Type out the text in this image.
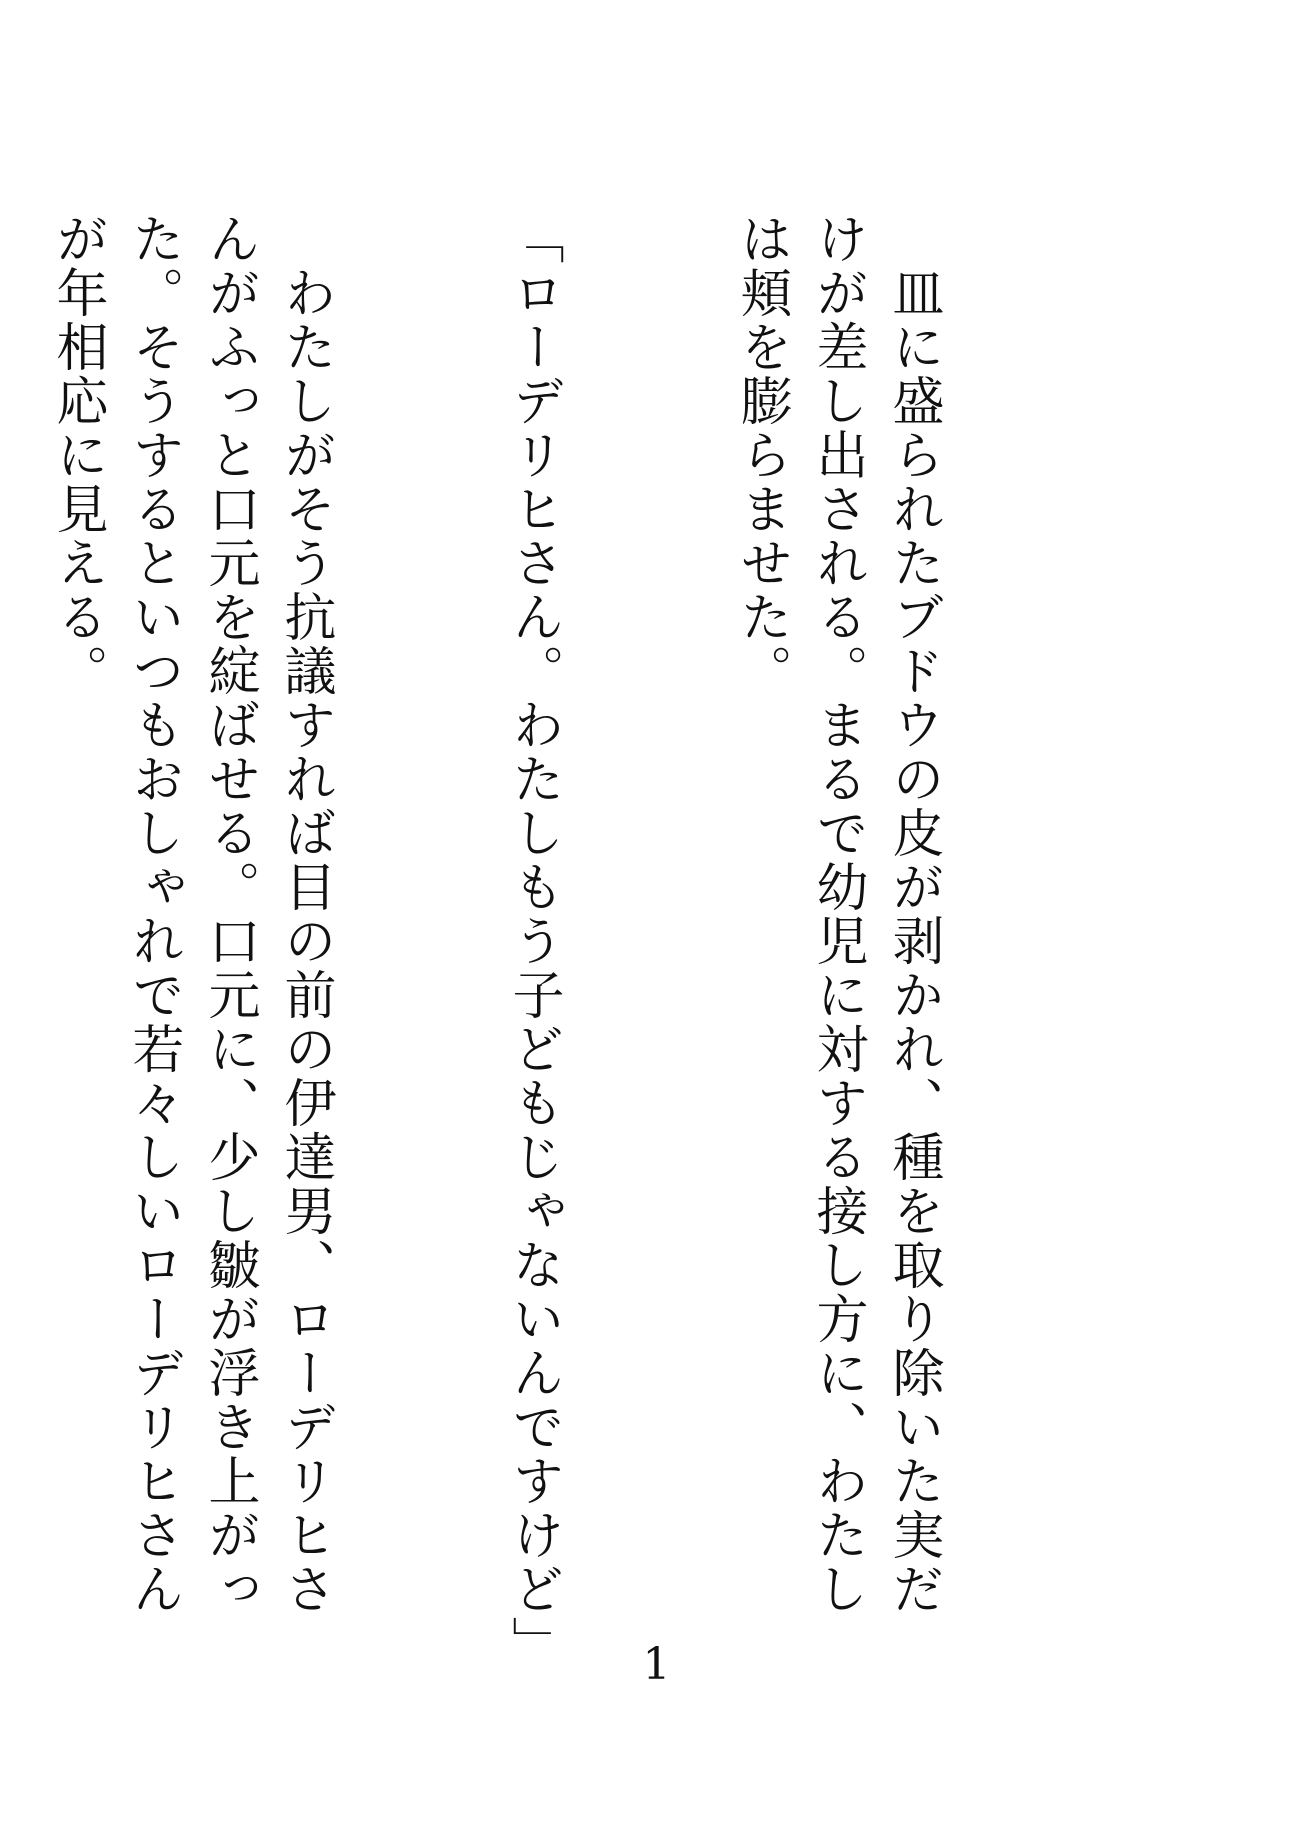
　皿に盛られたブドウの皮が剥かれ、種を取り除いた実だけが差し出される。まるで幼児に対する接し方に、わたしは頬を膨らませた。

「ローデリヒさん。わたしもう子どもじゃないんですけど」

　わたしがそう抗議すれば目の前の伊達男、ローデリヒさんがふっと口元を綻ばせる。口元に、少し皺が浮き上がった。そうするといつもおしゃれで若々しいローデリヒさんが年相応に見える。

1
